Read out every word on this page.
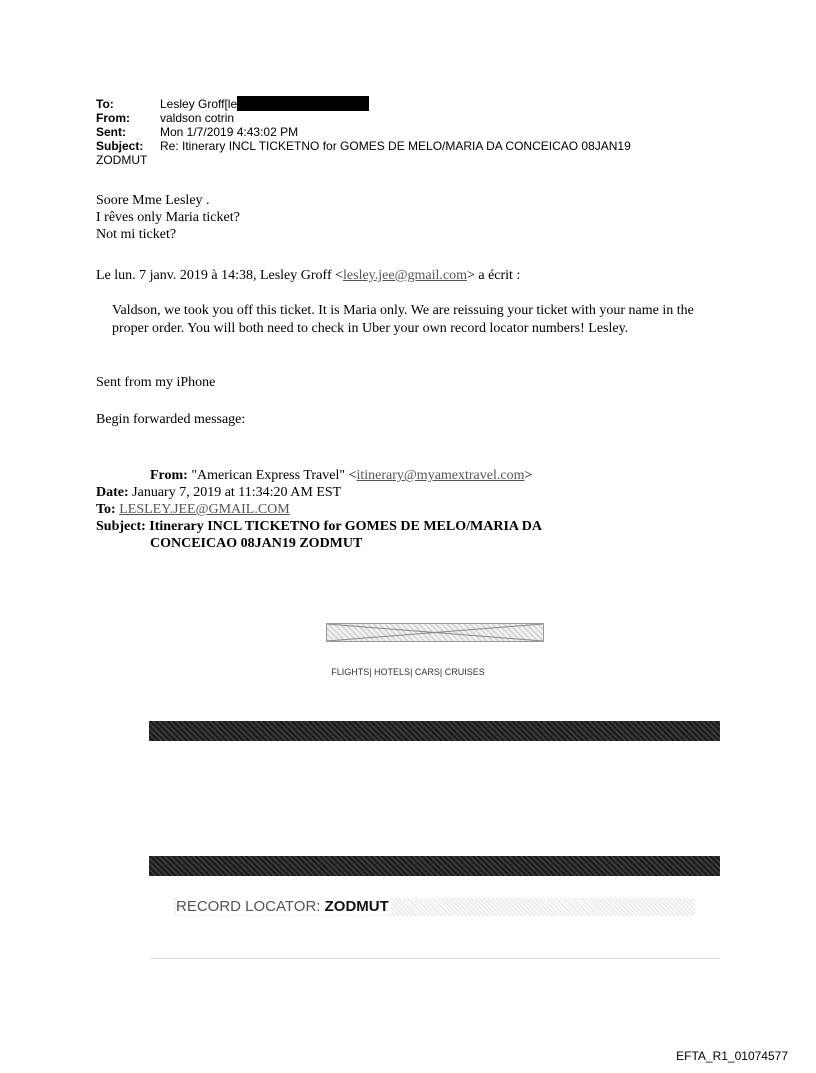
To:	Lesley Groff[le
From:	valdson cotrin
Sent:	Mon 1/7/2019 4:43:02 PM
Subject: Re: Itinerary INCL TICKETNO for GOMES DE MELO/MARIA DA CONCEICAO 08JAN19
ZODMUT
Soore Mme Lesley .
I rêves only Maria ticket?
Not mi ticket?
Le lun. 7 janv. 2019 à 14:38, Lesley Groff <lesley.jee@gmail.com> a écrit :
Valdson, we took you off this ticket. It is Maria only. We are reissuing your ticket with your name in the proper order. You will both need to check in Uber your own record locator numbers! Lesley.
Sent from my iPhone
Begin forwarded message:
From: "American Express Travel" <itinerary@myamextravel.com>
Date: January 7, 2019 at 11:34:20 AM EST
To: LESLEY.JEE@GMAIL.COM
Subject: Itinerary INCL TICKETNO for GOMES DE MELO/MARIA DA
CONCEICAO 08JAN19 ZODMUT
FLIGHTS| HOTELS| CARS| CRUISES
RECORD LOCATOR: ZODMUT
EFTA_R1_01074577
